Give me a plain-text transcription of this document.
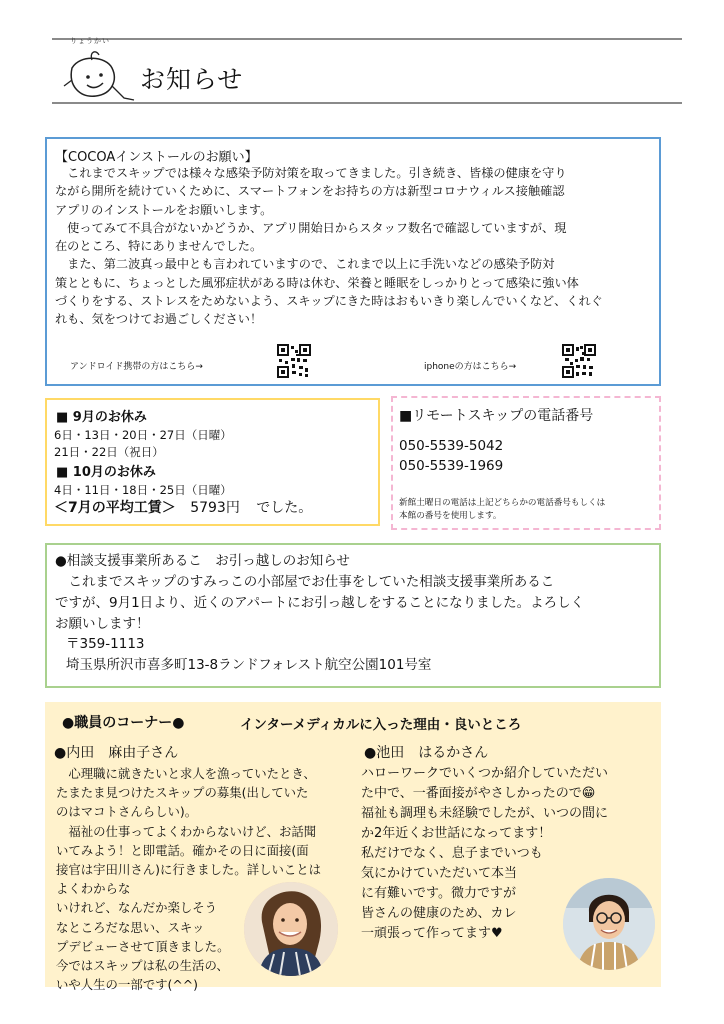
りょうかい
お知らせ
【COCOAインストールのお願い】
　これまでスキップでは様々な感染予防対策を取ってきました。引き続き、皆様の健康を守り
ながら開所を続けていくために、スマートフォンをお持ちの方は新型コロナウィルス接触確認
アプリのインストールをお願いします。
　使ってみて不具合がないかどうか、アプリ開始日からスタッフ数名で確認していますが、現
在のところ、特にありませんでした。
　また、第二波真っ最中とも言われていますので、これまで以上に手洗いなどの感染予防対
策とともに、ちょっとした風邪症状がある時は休む、栄養と睡眠をしっかりとって感染に強い体
づくりをする、ストレスをためないよう、スキップにきた時はおもいきり楽しんでいくなど、くれぐ
れも、気をつけてお過ごしください！
アンドロイド携帯の方はこちら→	iphoneの方はこちら→
■ 9月のお休み
6日・13日・20日・27日（日曜）
21日・22日（祝日）
■ 10月のお休み
4日・11日・18日・25日（日曜）
＜7月の平均工賃＞ 5793円 でした。
■リモートスキップの電話番号
050-5539-5042
050-5539-1969
新館土曜日の電話は上記どちらかの電話番号もしくは
本館の番号を使用します。
●相談支援事業所あるこ　お引っ越しのお知らせ
　これまでスキップのすみっこの小部屋でお仕事をしていた相談支援事業所あるこ
ですが、9月1日より、近くのアパートにお引っ越しをすることになりました。よろしく
お願いします！
〒359-1113
埼玉県所沢市喜多町13-8ランドフォレスト航空公園101号室
●職員のコーナー●	インターメディカルに入った理由・良いところ
●内田　麻由子さん
　心理職に就きたいと求人を漁っていたとき、
たまたま見つけたスキップの募集(出していた
のはマコトさんらしい)。
　福祉の仕事ってよくわからないけど、お話聞
いてみよう！と即電話。確かその日に面接(面
接官は宇田川さん)に行きました。詳しいことは
よくわからな
いけれど、なんだか楽しそう
なところだな思い、スキッ
プデビューさせて頂きました。
今ではスキップは私の生活の、
いや人生の一部です(^^)
●池田　はるかさん
ハローワークでいくつか紹介していただい
た中で、一番面接がやさしかったので😁
福祉も調理も未経験でしたが、いつの間に
か2年近くお世話になってます！
私だけでなく、息子までいつも
気にかけていただいて本当
に有難いです。微力ですが
皆さんの健康のため、カレ
一頑張って作ってます♥
